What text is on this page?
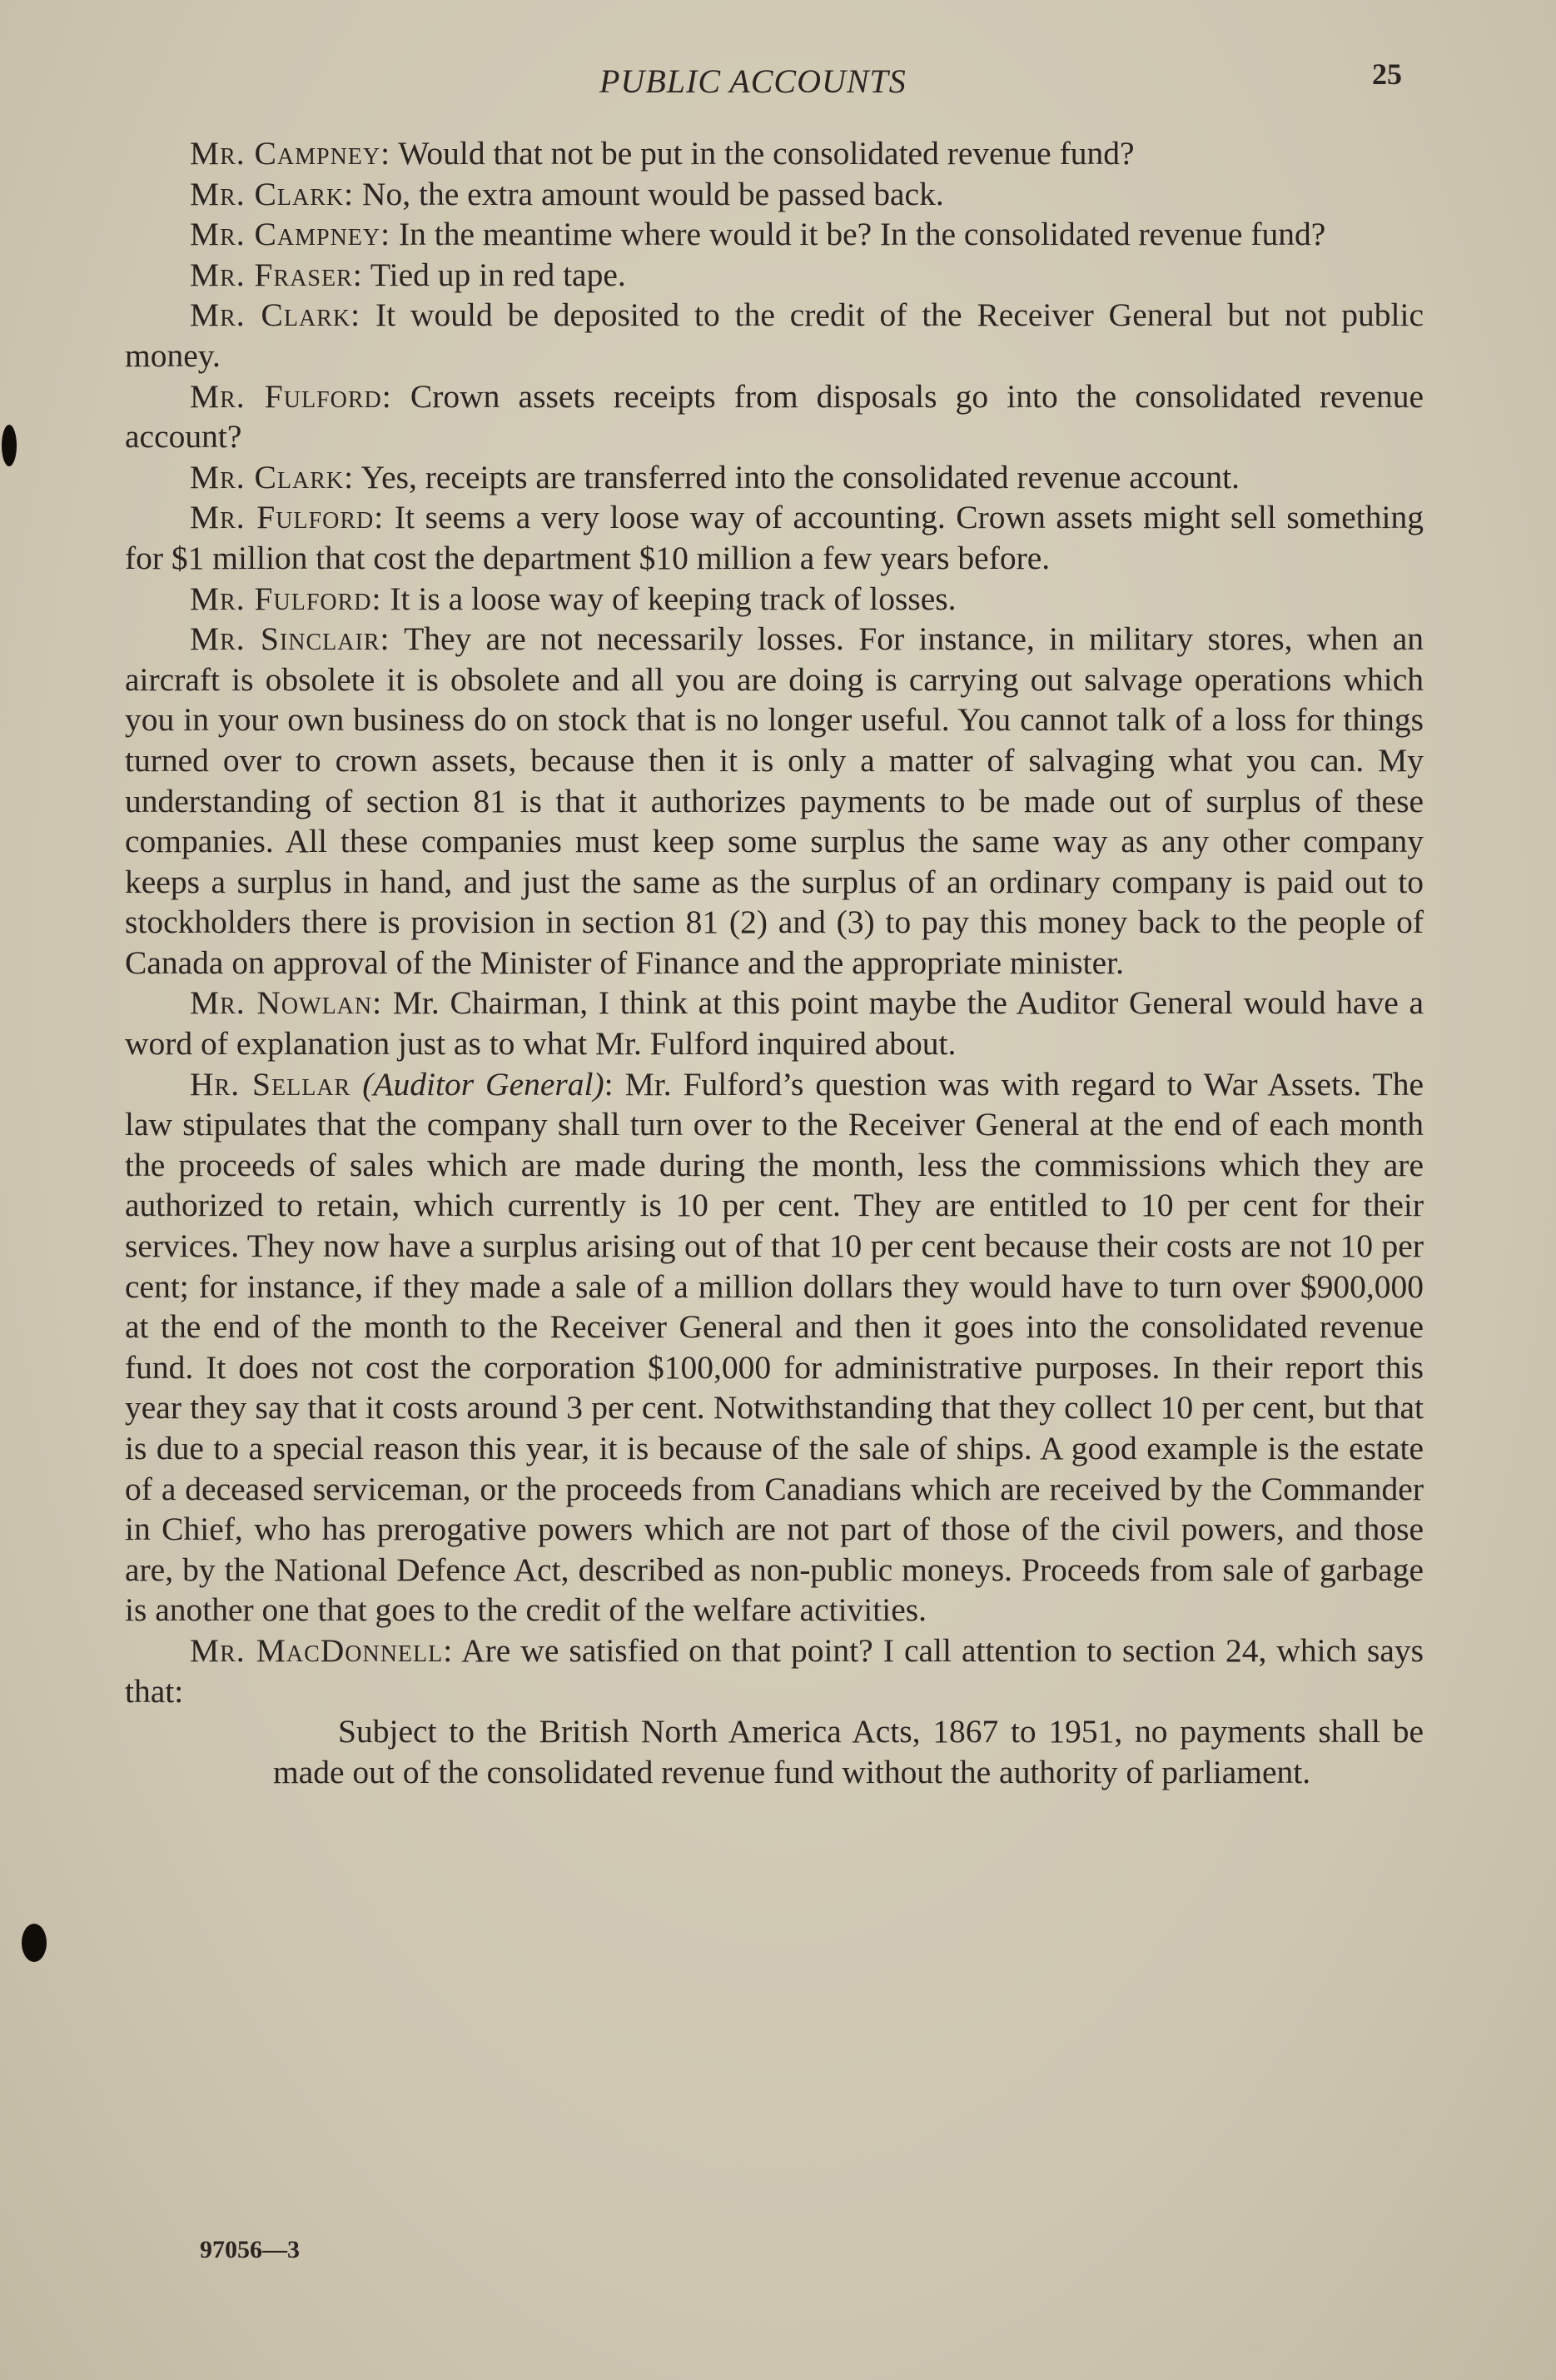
PUBLIC ACCOUNTS	25

Mr. Campney: Would that not be put in the consolidated revenue fund?

Mr. Clark: No, the extra amount would be passed back.

Mr. Campney: In the meantime where would it be? In the consolidated revenue fund?

Mr. Fraser: Tied up in red tape.

Mr. Clark: It would be deposited to the credit of the Receiver General but not public money.

Mr. Fulford: Crown assets receipts from disposals go into the consolidated revenue account?

Mr. Clark: Yes, receipts are transferred into the consolidated revenue account.

Mr. Fulford: It seems a very loose way of accounting. Crown assets might sell something for $1 million that cost the department $10 million a few years before.

Mr. Fulford: It is a loose way of keeping track of losses.

Mr. Sinclair: They are not necessarily losses. For instance, in military stores, when an aircraft is obsolete it is obsolete and all you are doing is carrying out salvage operations which you in your own business do on stock that is no longer useful. You cannot talk of a loss for things turned over to crown assets, because then it is only a matter of salvaging what you can. My understanding of section 81 is that it authorizes payments to be made out of surplus of these companies. All these companies must keep some surplus the same way as any other company keeps a surplus in hand, and just the same as the surplus of an ordinary company is paid out to stockholders there is provision in section 81 (2) and (3) to pay this money back to the people of Canada on approval of the Minister of Finance and the appropriate minister.

Mr. Nowlan: Mr. Chairman, I think at this point maybe the Auditor General would have a word of explanation just as to what Mr. Fulford inquired about.

Hr. Sellar (Auditor General): Mr. Fulford’s question was with regard to War Assets. The law stipulates that the company shall turn over to the Receiver General at the end of each month the proceeds of sales which are made during the month, less the commissions which they are authorized to retain, which currently is 10 per cent. They are entitled to 10 per cent for their services. They now have a surplus arising out of that 10 per cent because their costs are not 10 per cent; for instance, if they made a sale of a million dollars they would have to turn over $900,000 at the end of the month to the Receiver General and then it goes into the consolidated revenue fund. It does not cost the corporation $100,000 for administrative purposes. In their report this year they say that it costs around 3 per cent. Notwithstanding that they collect 10 per cent, but that is due to a special reason this year, it is because of the sale of ships. A good example is the estate of a deceased serviceman, or the proceeds from Canadians which are received by the Commander in Chief, who has prerogative powers which are not part of those of the civil powers, and those are, by the National Defence Act, described as non-public moneys. Proceeds from sale of garbage is another one that goes to the credit of the welfare activities.

Mr. MacDonnell: Are we satisfied on that point? I call attention to section 24, which says that:

Subject to the British North America Acts, 1867 to 1951, no payments shall be made out of the consolidated revenue fund without the authority of parliament.

97056—3
